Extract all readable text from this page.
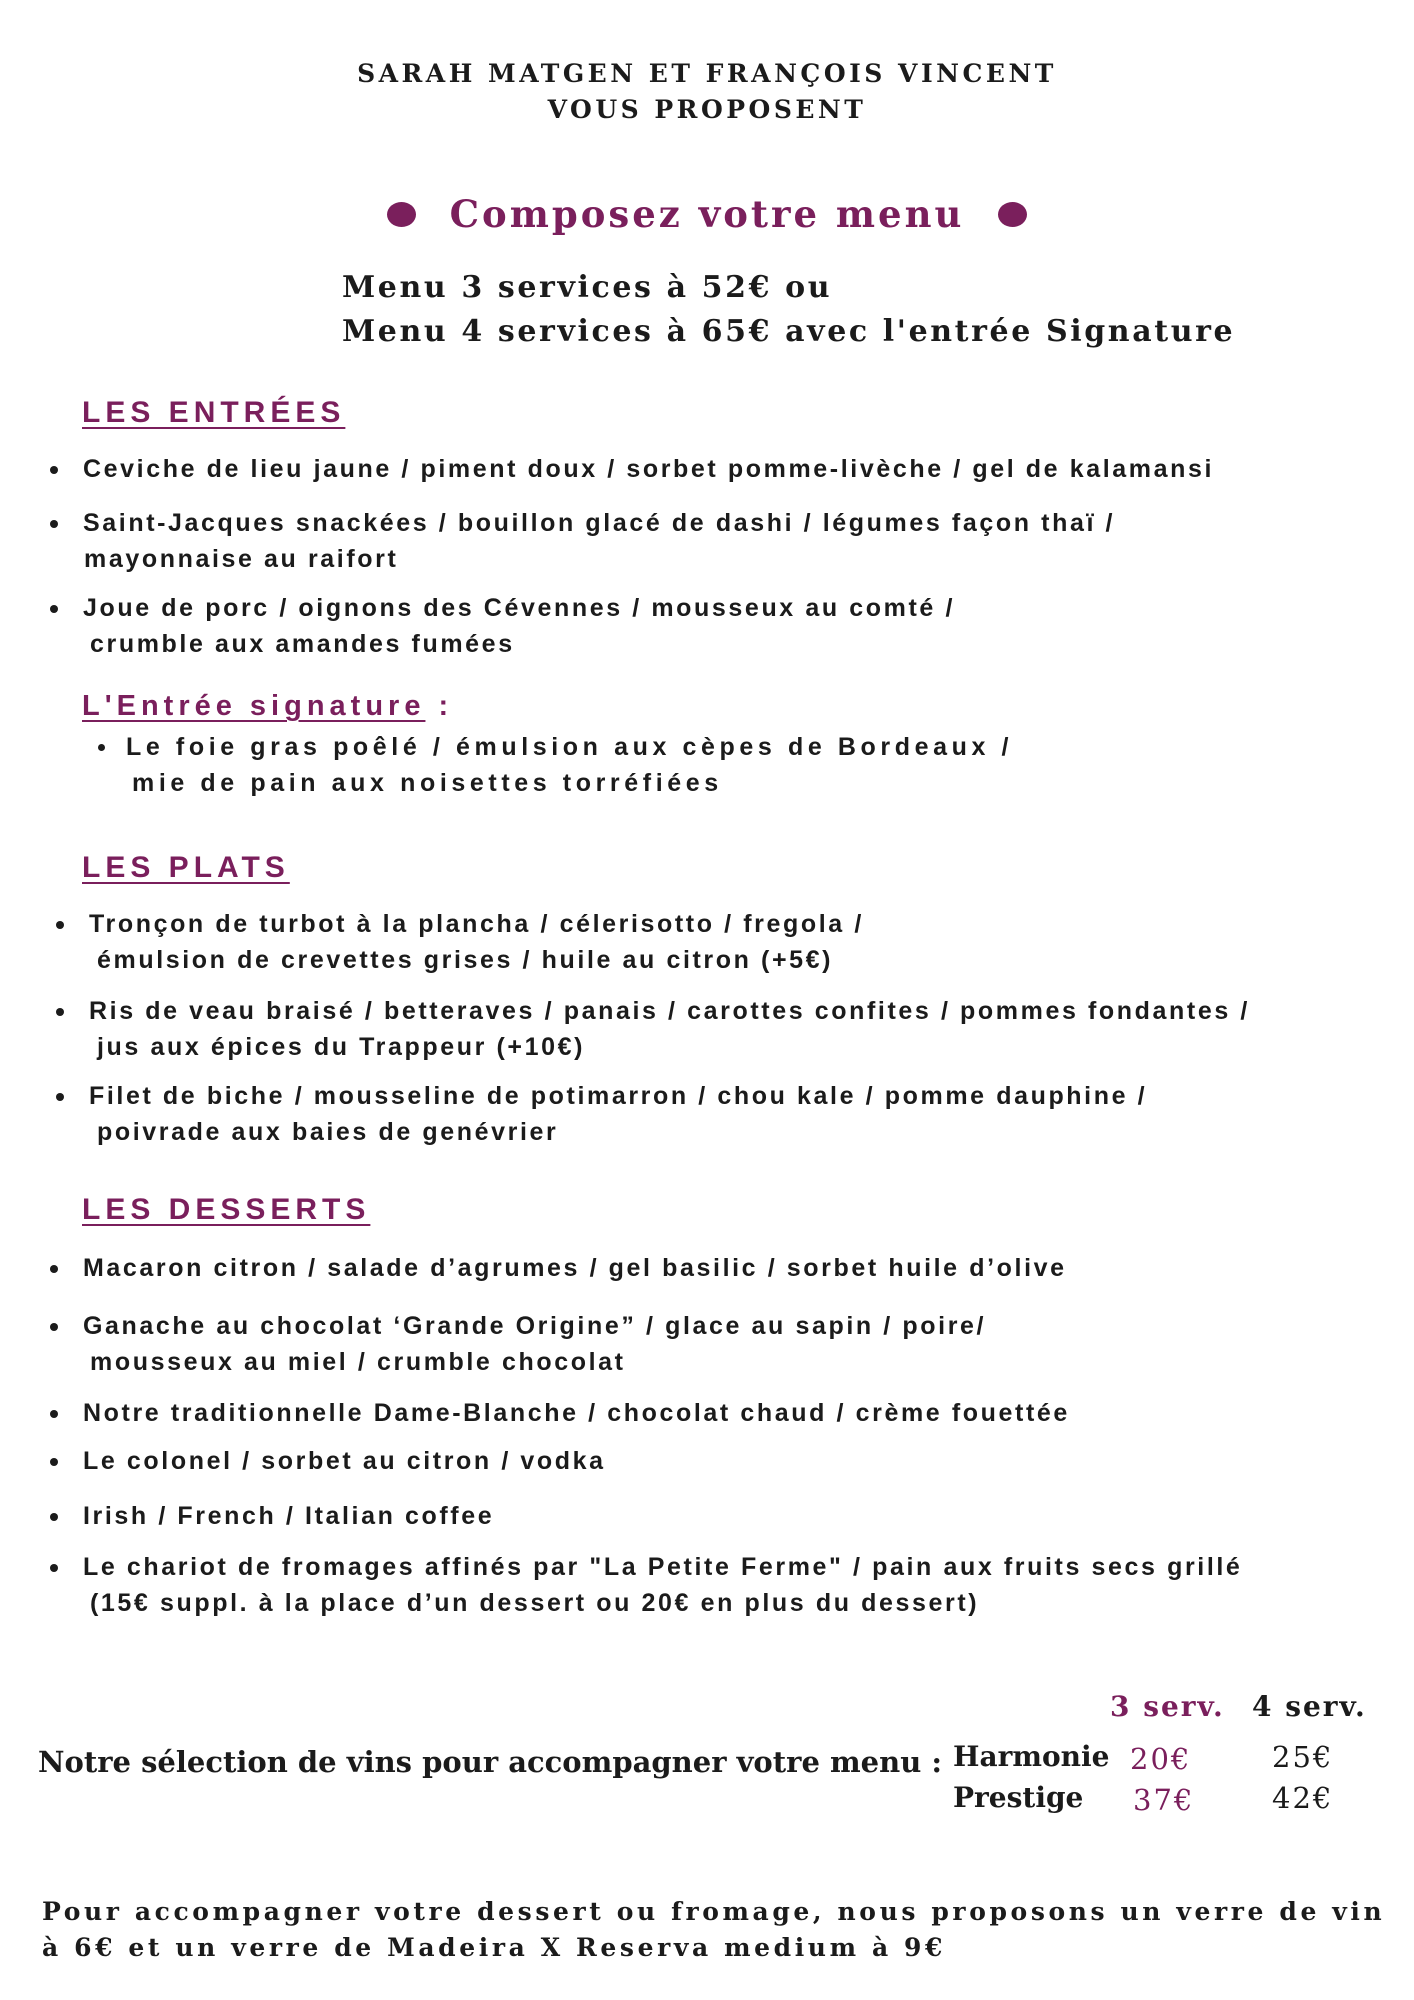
SARAH MATGEN ET FRANÇOIS VINCENT
VOUS PROPOSENT
Composez votre menu
Menu 3 services à 52€ ou
Menu 4 services à 65€ avec l'entrée Signature
LES ENTRÉES
Ceviche de lieu jaune / piment doux / sorbet pomme-livèche / gel de kalamansi
Saint-Jacques snackées / bouillon glacé de dashi / légumes façon thaï /
mayonnaise au raifort
Joue de porc / oignons des Cévennes / mousseux au comté /
crumble aux amandes fumées
L'Entrée signature :
Le foie gras poêlé / émulsion aux cèpes de Bordeaux /
mie de pain aux noisettes torréfiées
LES PLATS
Tronçon de turbot à la plancha / célerisotto / fregola /
émulsion de crevettes grises / huile au citron (+5€)
Ris de veau braisé / betteraves / panais / carottes confites / pommes fondantes /
jus aux épices du Trappeur (+10€)
Filet de biche / mousseline de potimarron / chou kale / pomme dauphine /
poivrade aux baies de genévrier
LES DESSERTS
Macaron citron / salade d’agrumes / gel basilic / sorbet huile d’olive
Ganache au chocolat ‘Grande Origine” / glace au sapin / poire/
mousseux au miel / crumble chocolat
Notre traditionnelle Dame-Blanche / chocolat chaud / crème fouettée
Le colonel / sorbet au citron / vodka
Irish / French / Italian coffee
Le chariot de fromages affinés par "La Petite Ferme" / pain aux fruits secs grillé
(15€ suppl. à la place d’un dessert ou 20€ en plus du dessert)
3 serv. 4 serv.
Notre sélection de vins pour accompagner votre menu : Harmonie 20€	25€
Prestige 37€	42€
Pour accompagner votre dessert ou fromage, nous proposons un verre de vin
à 6€ et un verre de Madeira X Reserva medium à 9€
